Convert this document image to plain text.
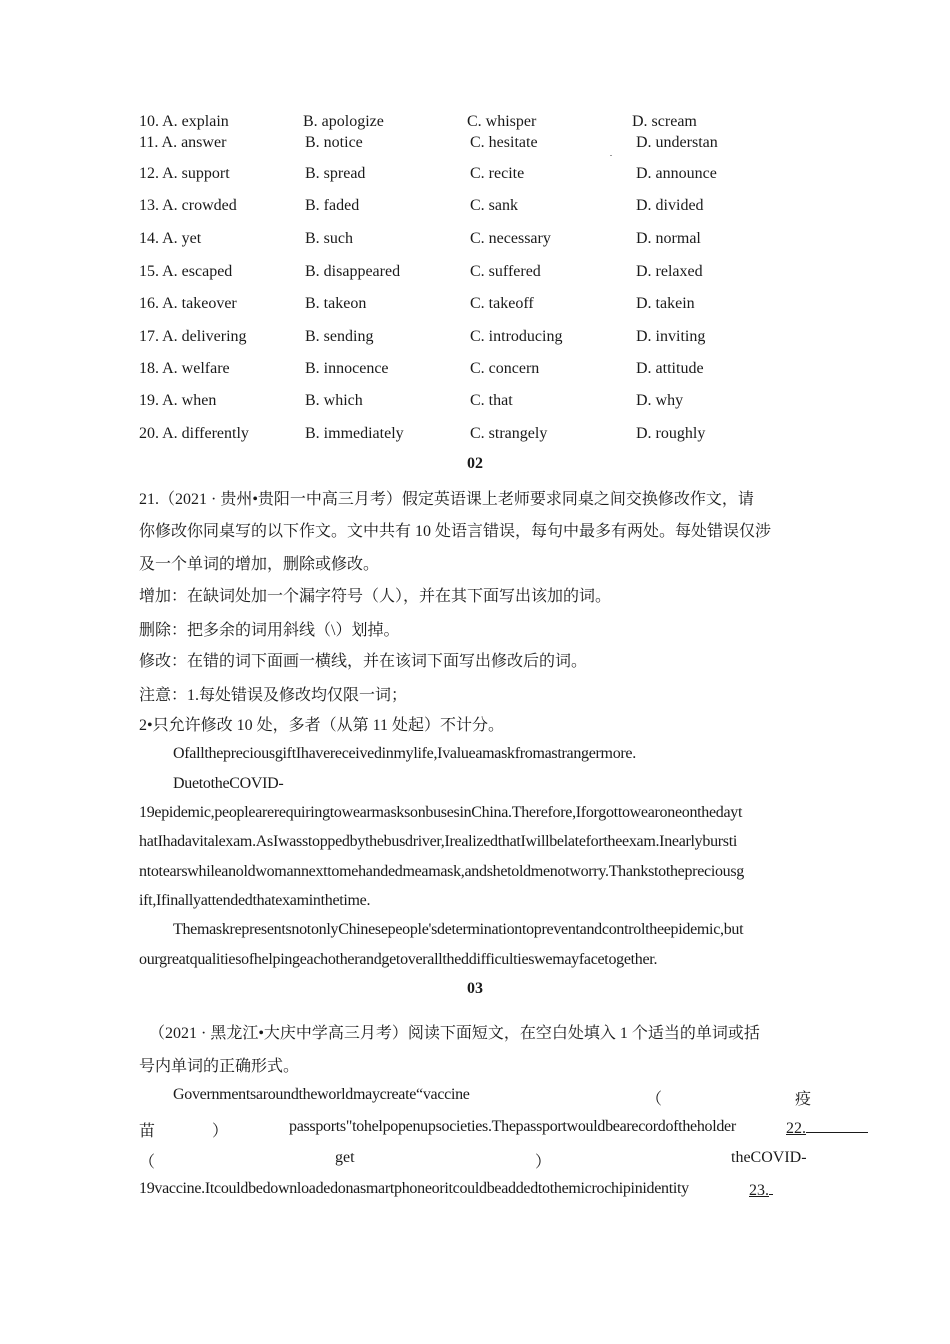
10. A. explain	B. apologize	C. whisper	D. scream
11. A. answer	B. notice	C. hesitate	D. understan
12. A. support	B. spread	C. recite	D. announce
13. A. crowded	B. faded	C. sank	D. divided
14. A. yet	B. such	C. necessary	D. normal
15. A. escaped	B. disappeared	C. suffered	D. relaxed
16. A. takeover	B. takeon	C. takeoff	D. takein
17. A. delivering	B. sending	C. introducing	D. inviting
18. A. welfare	B. innocence	C. concern	D. attitude
19. A. when	B. which	C. that	D. why
20. A. differently	B. immediately	C. strangely	D. roughly
02
21.（2021 · 贵州•贵阳一中高三月考）假定英语课上老师要求同桌之间交换修改作文，请
你修改你同桌写的以下作文。文中共有 10 处语言错误，每句中最多有两处。每处错误仅涉
及一个单词的增加，删除或修改。
增加：在缺词处加一个漏字符号（人），并在其下面写出该加的词。
删除：把多余的词用斜线（\）划掉。
修改：在错的词下面画一横线，并在该词下面写出修改后的词。
注意：1.每处错误及修改均仅限一词；
2•只允许修改 10 处，多者（从第 11 处起）不计分。
OfallthepreciousgiftIhavereceivedinmylife,Ivalueamaskfromastrangermore.
DuetotheCOVID-
19epidemic,peoplearerequiringtowearmasksonbusesinChina.Therefore,Iforgottowearoneonthedayt
hatIhadavitalexam.AsIwasstoppedbythebusdriver,IrealizedthatIwillbelatefortheexam.Inearlybursti
ntotearswhileanoldwomannexttomehandedmeamask,andshetoldmenotworry.Thankstothepreciousg
ift,Ifinallyattendedthatexaminthetime.
ThemaskrepresentsnotonlyChinesepeople'sdeterminationtopreventandcontroltheepidemic,but
ourgreatqualitiesofhelpingeachotherandgetoveralltheddifficultieswemayfacetogether.
03
（2021 · 黑龙江•大庆中学高三月考）阅读下面短文，在空白处填入 1 个适当的单词或括
号内单词的正确形式。
Governmentsaroundtheworldmaycreate“vaccine	（	疫
苗	）	passports"tohelpopenupsocieties.Thepassportwouldbearecordoftheholder	22.
（	get	）	theCOVID-
19vaccine.Itcouldbedownloadedonasmartphoneoritcouldbeaddedtothemicrochipinidentity	23.
